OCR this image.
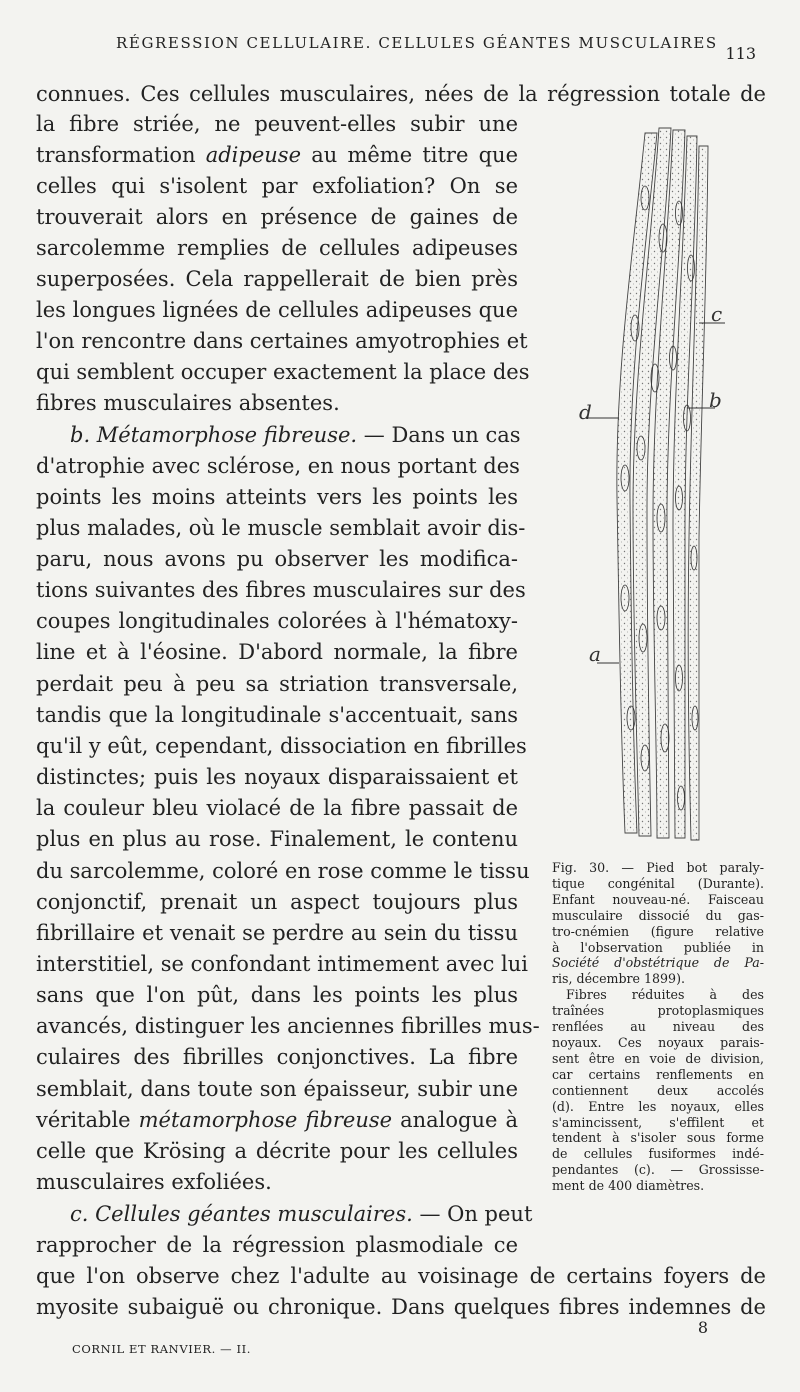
RÉGRESSION CELLULAIRE. CELLULES GÉANTES MUSCULAIRES
113
connues. Ces cellules musculaires, nées de la régression totale de
la fibre striée, ne peuvent-elles subir une
transformation adipeuse au même titre que
celles qui s'isolent par exfoliation? On se
trouverait alors en présence de gaines de
sarcolemme remplies de cellules adipeuses
superposées. Cela rappellerait de bien près
les longues lignées de cellules adipeuses que
l'on rencontre dans certaines amyotrophies et
qui semblent occuper exactement la place des
fibres musculaires absentes.
b. Métamorphose fibreuse. — Dans un cas
d'atrophie avec sclérose, en nous portant des
points les moins atteints vers les points les
plus malades, où le muscle semblait avoir dis-
paru, nous avons pu observer les modifica-
tions suivantes des fibres musculaires sur des
coupes longitudinales colorées à l'hématoxy-
line et à l'éosine. D'abord normale, la fibre
perdait peu à peu sa striation transversale,
tandis que la longitudinale s'accentuait, sans
qu'il y eût, cependant, dissociation en fibrilles
distinctes; puis les noyaux disparaissaient et
la couleur bleu violacé de la fibre passait de
plus en plus au rose. Finalement, le contenu
du sarcolemme, coloré en rose comme le tissu
conjonctif, prenait un aspect toujours plus
fibrillaire et venait se perdre au sein du tissu
interstitiel, se confondant intimement avec lui
sans que l'on pût, dans les points les plus
avancés, distinguer les anciennes fibrilles mus-
culaires des fibrilles conjonctives. La fibre
semblait, dans toute son épaisseur, subir une
véritable métamorphose fibreuse analogue à
celle que Krösing a décrite pour les cellules
musculaires exfoliées.
c. Cellules géantes musculaires. — On peut
rapprocher de la régression plasmodiale ce
que l'on observe chez l'adulte au voisinage de certains foyers de
myosite subaiguë ou chronique. Dans quelques fibres indemnes de
c
b
d
a
Fig. 30. — Pied bot paraly-
tique congénital (Durante).
Enfant nouveau-né. Faisceau
musculaire dissocié du gas-
tro-cnémien (figure relative
à l'observation publiée in
Société d'obstétrique de Pa-
ris, décembre 1899).
Fibres réduites à des
traînées protoplasmiques
renflées au niveau des
noyaux. Ces noyaux parais-
sent être en voie de division,
car certains renflements en
contiennent deux accolés
(d). Entre les noyaux, elles
s'amincissent, s'effilent et
tendent à s'isoler sous forme
de cellules fusiformes indé-
pendantes (c). — Grossisse-
ment de 400 diamètres.
CORNIL ET RANVIER. — II.
8
